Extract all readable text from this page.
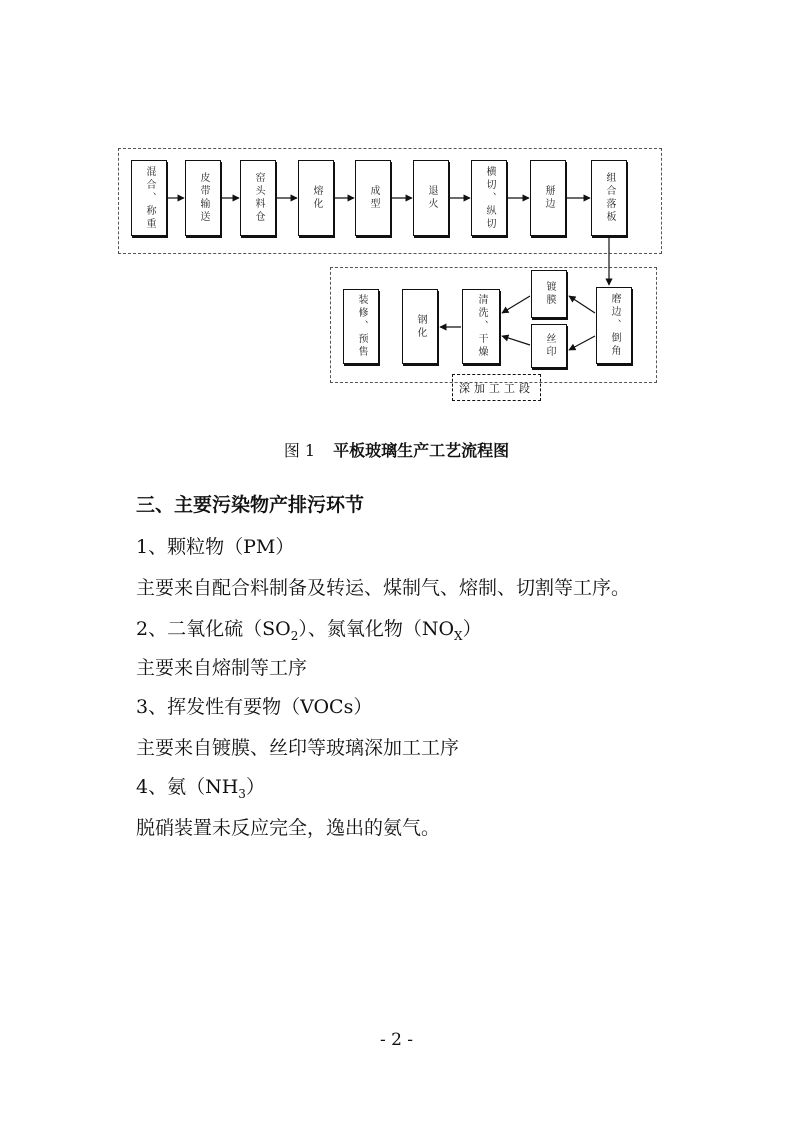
混合、称重	皮带输送	窑头料仓	熔化	成型	退火	横切、纵切	掰边	组合落板
磨边、倒角
镀膜
丝印
清洗、干燥
钢化
装修、预售
深加工工段
图 1 平板玻璃生产工艺流程图
三、主要污染物产排污环节
1、颗粒物（PM）
主要来自配合料制备及转运、煤制气、熔制、切割等工序。
2、二氧化硫$(SO_2)$、氮氧化物$(NO_X)$
主要来自熔制等工序
3、挥发性有要物（VOCs）
主要来自镀膜、丝印等玻璃深加工工序
4、氨$(NH_3)$
脱硝装置未反应完全，逸出的氨气。
- 2 -
